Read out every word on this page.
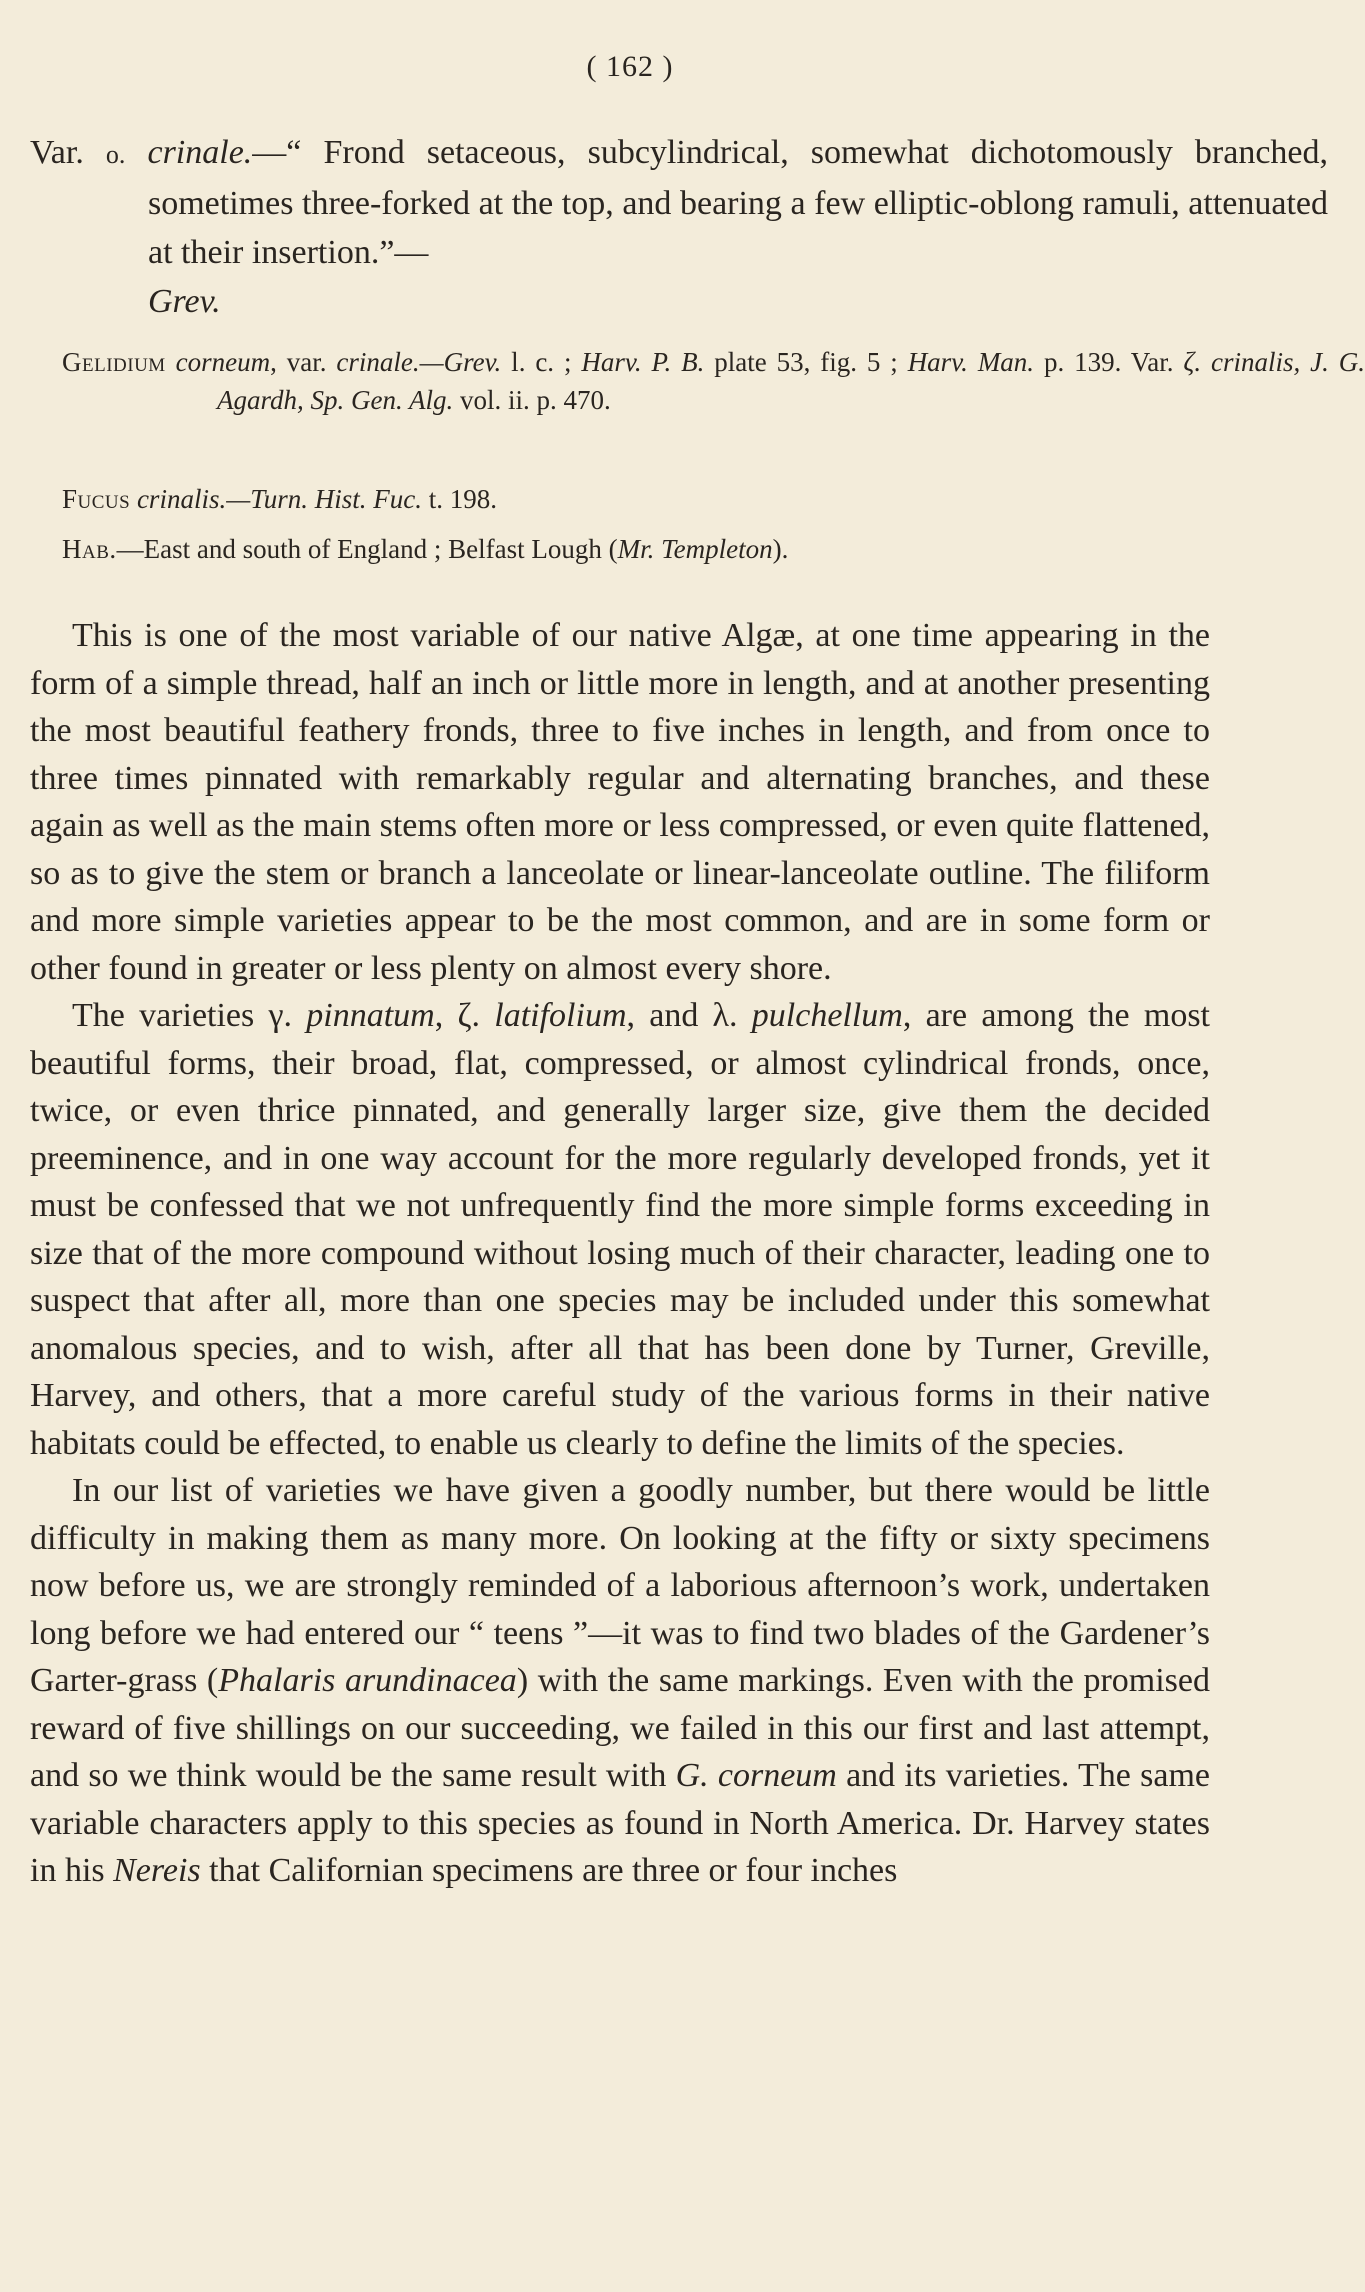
( 162 )
Var. o. crinale.—“ Frond setaceous, subcylindrical, somewhat dichotomously branched, sometimes three-forked at the top, and bearing a few elliptic-oblong ramuli, attenuated at their insertion.”—
Grev.
Gelidium corneum, var. crinale.—Grev. l. c. ; Harv. P. B. plate 53, fig. 5 ; Harv. Man. p. 139. Var. ζ. crinalis, J. G. Agardh, Sp. Gen. Alg. vol. ii. p. 470.
Fucus crinalis.—Turn. Hist. Fuc. t. 198.
Hab.—East and south of England ; Belfast Lough (Mr. Templeton).

This is one of the most variable of our native Algæ, at one time appearing in the form of a simple thread, half an inch or little more in length, and at another presenting the most beautiful feathery fronds, three to five inches in length, and from once to three times pinnated with remarkably regular and alternating branches, and these again as well as the main stems often more or less compressed, or even quite flattened, so as to give the stem or branch a lanceolate or linear-lanceolate outline. The filiform and more simple varieties appear to be the most common, and are in some form or other found in greater or less plenty on almost every shore.

The varieties γ. pinnatum, ζ. latifolium, and λ. pulchellum, are among the most beautiful forms, their broad, flat, compressed, or almost cylindrical fronds, once, twice, or even thrice pinnated, and generally larger size, give them the decided preeminence, and in one way account for the more regularly developed fronds, yet it must be confessed that we not unfrequently find the more simple forms exceeding in size that of the more compound without losing much of their character, leading one to suspect that after all, more than one species may be included under this somewhat anomalous species, and to wish, after all that has been done by Turner, Greville, Harvey, and others, that a more careful study of the various forms in their native habitats could be effected, to enable us clearly to define the limits of the species.

In our list of varieties we have given a goodly number, but there would be little difficulty in making them as many more. On looking at the fifty or sixty specimens now before us, we are strongly reminded of a laborious afternoon’s work, undertaken long before we had entered our “ teens ”—it was to find two blades of the Gardener’s Garter-grass (Phalaris arundinacea) with the same markings. Even with the promised reward of five shillings on our succeeding, we failed in this our first and last attempt, and so we think would be the same result with G. corneum and its varieties. The same variable characters apply to this species as found in North America. Dr. Harvey states in his Nereis that Californian specimens are three or four inches
